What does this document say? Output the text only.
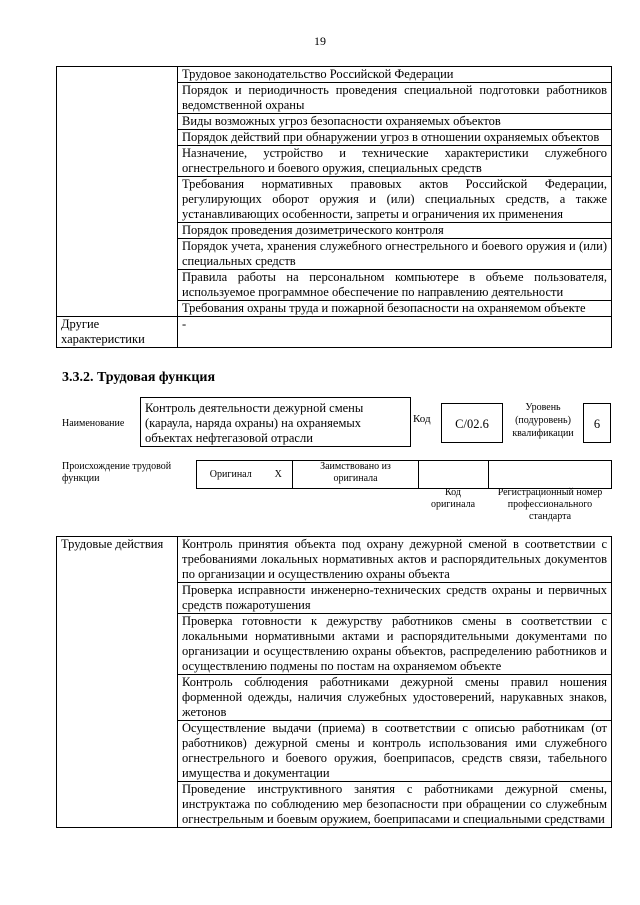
19
	Трудовое законодательство Российской Федерации
	Порядок и периодичность проведения специальной подготовки работников ведомственной охраны
	Виды возможных угроз безопасности охраняемых объектов
	Порядок действий при обнаружении угроз в отношении охраняемых объектов
	Назначение, устройство и технические характеристики служебного огнестрельного и боевого оружия, специальных средств
	Требования нормативных правовых актов Российской Федерации, регулирующих оборот оружия и (или) специальных средств, а также устанавливающих особенности, запреты и ограничения их применения
	Порядок проведения дозиметрического контроля
	Порядок учета, хранения служебного огнестрельного и боевого оружия и (или) специальных средств
	Правила работы на персональном компьютере в объеме пользователя, используемое программное обеспечение по направлению деятельности
	Требования охраны труда и пожарной безопасности на охраняемом объекте
Другие характеристики	-
3.3.2. Трудовая функция
Наименование
Контроль деятельности дежурной смены (караула, наряда охраны) на охраняемых объектах нефтегазовой отрасли
Код	C/02.6
Уровень (подуровень) квалификации
6
Происхождение трудовой функции	Оригинал	X	Заимствовано из оригинала		
Код оригинала
Регистрационный номер профессионального стандарта
Трудовые действия	Контроль принятия объекта под охрану дежурной сменой в соответствии с требованиями локальных нормативных актов и распорядительных документов по организации и осуществлению охраны объекта
Проверка исправности инженерно-технических средств охраны и первичных средств пожаротушения
Проверка готовности к дежурству работников смены в соответствии с локальными нормативными актами и распорядительными документами по организации и осуществлению охраны объектов, распределению работников и осуществлению подмены по постам на охраняемом объекте
Контроль соблюдения работниками дежурной смены правил ношения форменной одежды, наличия служебных удостоверений, нарукавных знаков, жетонов
Осуществление выдачи (приема) в соответствии с описью работникам (от работников) дежурной смены и контроль использования ими служебного огнестрельного и боевого оружия, боеприпасов, средств связи, табельного имущества и документации
Проведение инструктивного занятия с работниками дежурной смены, инструктажа по соблюдению мер безопасности при обращении со служебным огнестрельным и боевым оружием, боеприпасами и специальными средствами
